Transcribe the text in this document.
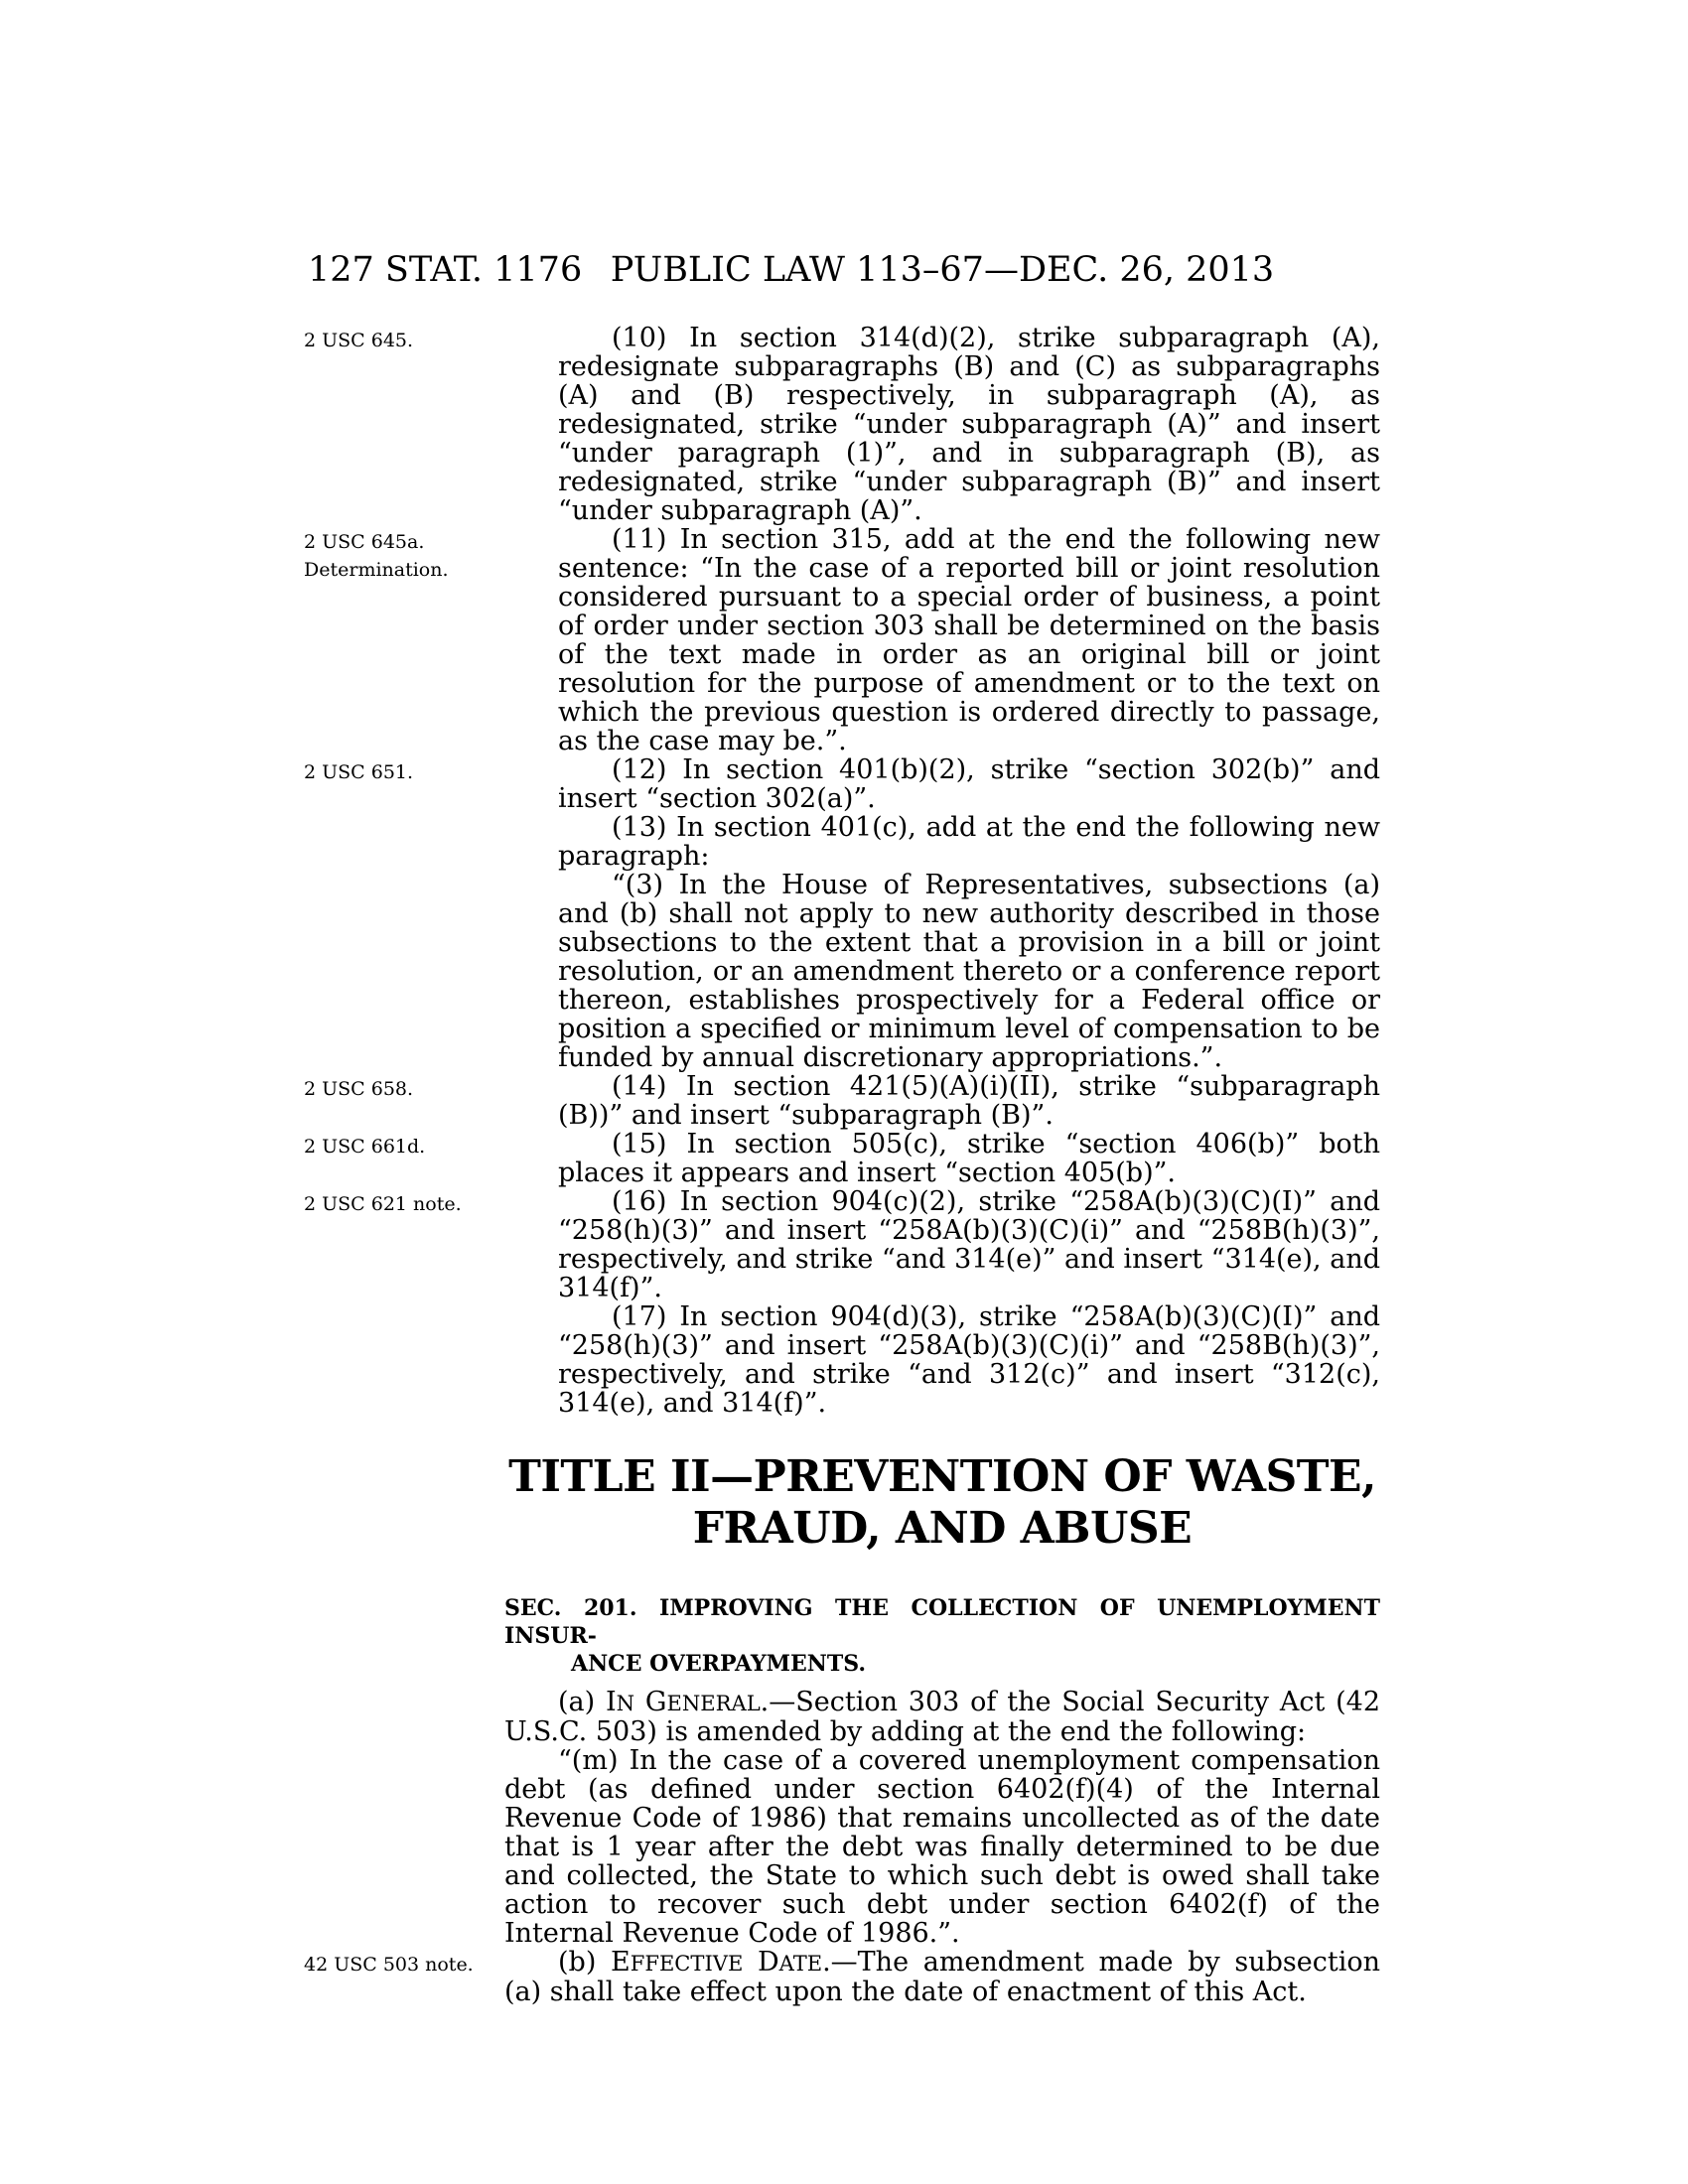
127 STAT. 1176 PUBLIC LAW 113–67—DEC. 26, 2013
2 USC 645.	(10) In section 314(d)(2), strike subparagraph (A), redesignate subparagraphs (B) and (C) as subparagraphs (A) and (B) respectively, in subparagraph (A), as redesignated, strike “under subparagraph (A)” and insert “under paragraph (1)”, and in subparagraph (B), as redesignated, strike “under subparagraph (B)” and insert “under subparagraph (A)”.
2 USC 645a.
Determination.
(11) In section 315, add at the end the following new sentence: “In the case of a reported bill or joint resolution considered pursuant to a special order of business, a point of order under section 303 shall be determined on the basis of the text made in order as an original bill or joint resolution for the purpose of amendment or to the text on which the previous question is ordered directly to passage, as the case may be.”.
2 USC 651.	(12) In section 401(b)(2), strike “section 302(b)” and insert “section 302(a)”.
(13) In section 401(c), add at the end the following new paragraph:
“(3) In the House of Representatives, subsections (a) and (b) shall not apply to new authority described in those subsections to the extent that a provision in a bill or joint resolution, or an amendment thereto or a conference report thereon, establishes prospectively for a Federal office or position a specified or minimum level of compensation to be funded by annual discretionary appropriations.”.
2 USC 658.	(14) In section 421(5)(A)(i)(II), strike “subparagraph (B))” and insert “subparagraph (B)”.
2 USC 661d.	(15) In section 505(c), strike “section 406(b)” both places it appears and insert “section 405(b)”.
2 USC 621 note.	(16) In section 904(c)(2), strike “258A(b)(3)(C)(I)” and “258(h)(3)” and insert “258A(b)(3)(C)(i)” and “258B(h)(3)”, respectively, and strike “and 314(e)” and insert “314(e), and 314(f)”.
(17) In section 904(d)(3), strike “258A(b)(3)(C)(I)” and “258(h)(3)” and insert “258A(b)(3)(C)(i)” and “258B(h)(3)”, respectively, and strike “and 312(c)” and insert “312(c), 314(e), and 314(f)”.
TITLE II—PREVENTION OF WASTE,
FRAUD, AND ABUSE
SEC. 201. IMPROVING THE COLLECTION OF UNEMPLOYMENT INSUR-
ANCE OVERPAYMENTS.
(a) IN GENERAL.—Section 303 of the Social Security Act (42 U.S.C. 503) is amended by adding at the end the following:
“(m) In the case of a covered unemployment compensation debt (as defined under section 6402(f)(4) of the Internal Revenue Code of 1986) that remains uncollected as of the date that is 1 year after the debt was finally determined to be due and collected, the State to which such debt is owed shall take action to recover such debt under section 6402(f) of the Internal Revenue Code of 1986.”.
42 USC 503 note.	(b) EFFECTIVE DATE.—The amendment made by subsection (a) shall take effect upon the date of enactment of this Act.
